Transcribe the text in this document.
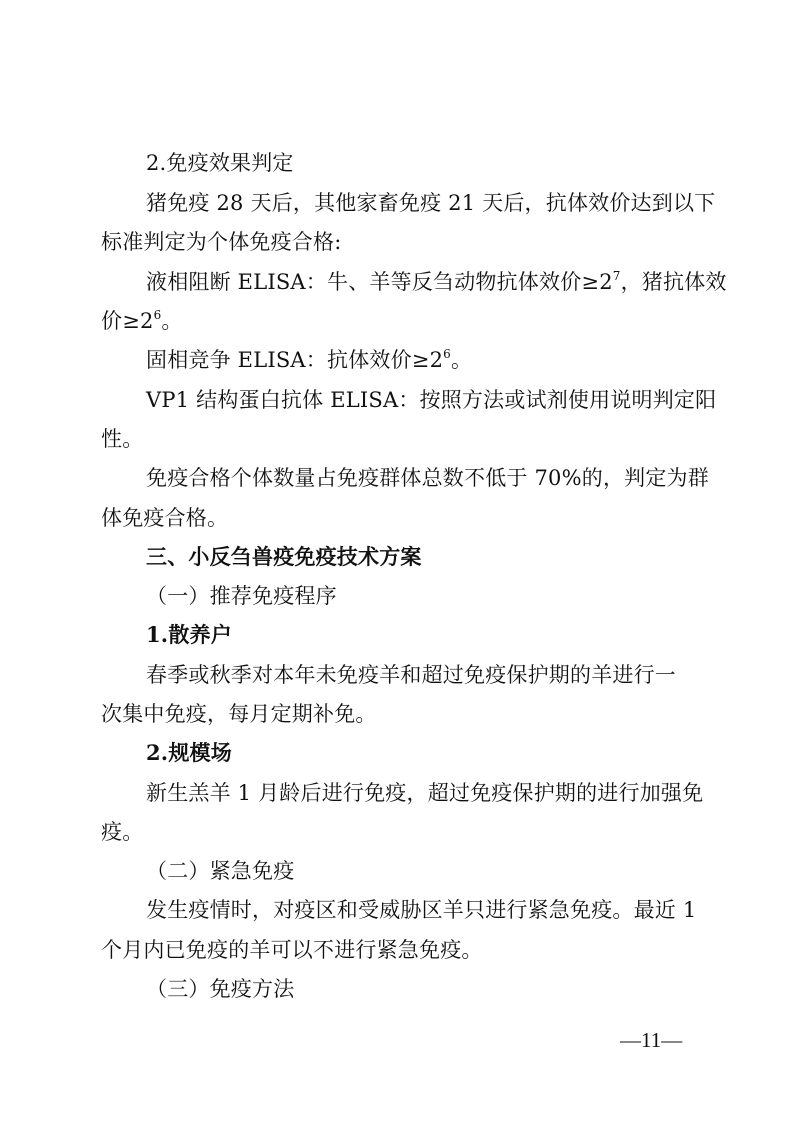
2.免疫效果判定
猪免疫 28 天后，其他家畜免疫 21 天后，抗体效价达到以下
标准判定为个体免疫合格:
液相阻断 ELISA：牛、羊等反刍动物抗体效价$\ge 2^7$，猪抗体效
价$\ge 2^6$。
固相竞争 ELISA：抗体效价$\ge 2^6$。
VP1 结构蛋白抗体 ELISA：按照方法或试剂使用说明判定阳
性。
免疫合格个体数量占免疫群体总数不低于 70%的，判定为群
体免疫合格。
三、小反刍兽疫免疫技术方案
（一）推荐免疫程序
1.散养户
春季或秋季对本年未免疫羊和超过免疫保护期的羊进行一
次集中免疫，每月定期补免。
2.规模场
新生羔羊 1 月龄后进行免疫，超过免疫保护期的进行加强免
疫。
（二）紧急免疫
发生疫情时，对疫区和受威胁区羊只进行紧急免疫。最近 1
个月内已免疫的羊可以不进行紧急免疫。
（三）免疫方法
—11—
